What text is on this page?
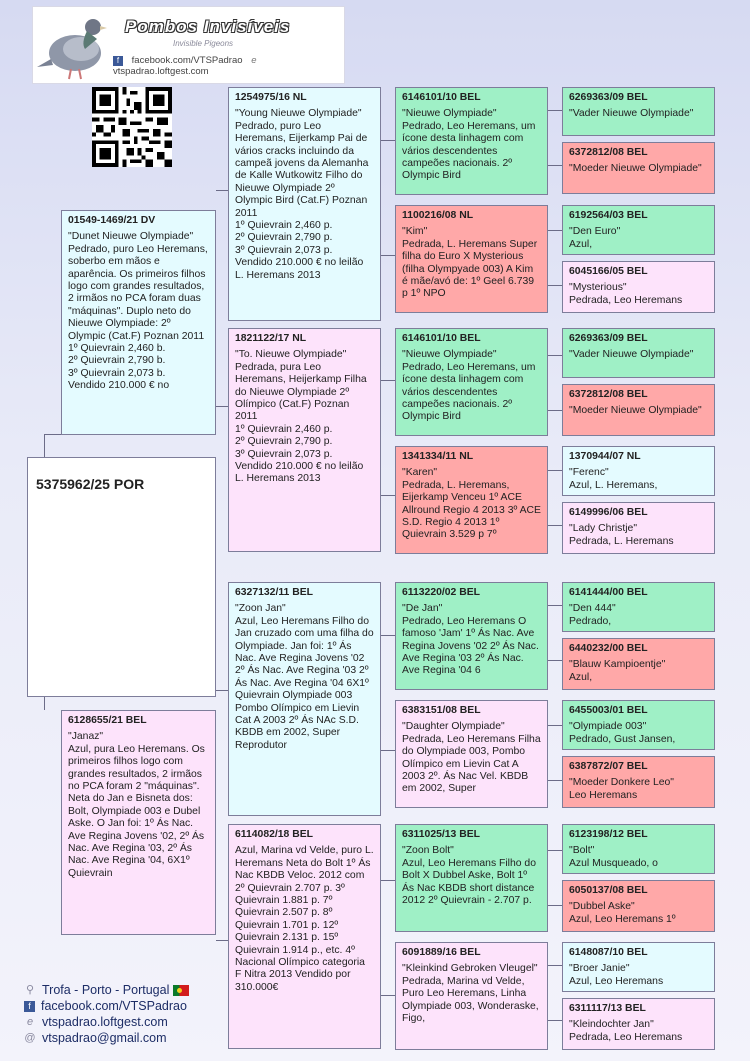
Pombos Invisíveis
Invisible Pigeons
f facebook.com/VTSPadrao e vtspadrao.loftgest.com
5375962/25 POR
01549-1469/21 DV
"Dunet Nieuwe Olympiade"
Pedrado, puro Leo Heremans, soberbo em mãos e aparência. Os primeiros filhos logo com grandes resultados, 2 irmãos no PCA foram duas "máquinas". Duplo neto do Nieuwe Olympiade: 2º Olympic (Cat.F) Poznan 2011
1º Quievrain 2,460 b.
2º Quievrain 2,790 b.
3º Quievrain 2,073 b.
Vendido 210.000 € no
6128655/21 BEL
"Janaz"
Azul, pura Leo Heremans. Os primeiros filhos logo com grandes resultados, 2 irmãos no PCA foram 2 "máquinas". Neta do Jan e Bisneta dos: Bolt, Olympiade 003 e Dubel Aske. O Jan foi: 1º Ás Nac. Ave Regina Jovens '02, 2º Ás Nac. Ave Regina '03, 2º Ás Nac. Ave Regina '04, 6X1º Quievrain
1254975/16 NL
"Young Nieuwe Olympiade"
Pedrado, puro Leo Heremans, Eijerkamp Pai de vários cracks incluindo da campeã jovens da Alemanha de Kalle Wutkowitz Filho do Nieuwe Olympiade 2º Olympic Bird (Cat.F) Poznan 2011
1º Quievrain 2,460 p.
2º Quievrain 2,790 p.
3º Quievrain 2,073 p.
Vendido 210.000 € no leilão L. Heremans 2013
1821122/17 NL
"To. Nieuwe Olympiade"
Pedrada, pura Leo Heremans, Heijerkamp Filha do Nieuwe Olympiade 2º Olímpico (Cat.F) Poznan 2011
1º Quievrain 2,460 p.
2º Quievrain 2,790 p.
3º Quievrain 2,073 p.
Vendido 210.000 € no leilão L. Heremans 2013
6327132/11 BEL
"Zoon Jan"
Azul, Leo Heremans Filho do Jan cruzado com uma filha do Olympiade. Jan foi: 1º Ás Nac. Ave Regina Jovens '02 2º Ás Nac. Ave Regina '03 2º Ás Nac. Ave Regina '04 6X1º Quievrain Olympiade 003 Pombo Olímpico em Lievin Cat A 2003 2º Ás NAc S.D. KBDB em 2002, Super Reprodutor
6114082/18 BEL
Azul, Marina vd Velde, puro L. Heremans Neta do Bolt 1º Ás Nac KBDB Veloc. 2012 com 2º Quievrain 2.707 p. 3º Quievrain 1.881 p. 7º Quievrain 2.507 p. 8º Quievrain 1.701 p. 12º Quievrain 2.131 p. 15º Quievrain 1.914 p., etc. 4º Nacional Olímpico categoria F Nitra 2013 Vendido por 310.000€
6146101/10 BEL
"Nieuwe Olympiade"
Pedrado, Leo Heremans, um ícone desta linhagem com vários descendentes campeões nacionais. 2º Olympic Bird
1100216/08 NL
"Kim"
Pedrada, L. Heremans Super filha do Euro X Mysterious (filha Olympyade 003) A Kim é mãe/avó de: 1º Geel 6.739 p 1º NPO
6146101/10 BEL
"Nieuwe Olympiade"
Pedrado, Leo Heremans, um ícone desta linhagem com vários descendentes campeões nacionais. 2º Olympic Bird
1341334/11 NL
"Karen"
Pedrada, L. Heremans, Eijerkamp Venceu 1º ACE Allround Regio 4 2013 3º ACE S.D. Regio 4 2013 1º Quievrain 3.529 p 7º
6113220/02 BEL
"De Jan"
Pedrado, Leo Heremans O famoso 'Jam' 1º Ás Nac. Ave Regina Jovens '02 2º Ás Nac. Ave Regina '03 2º Ás Nac. Ave Regina '04 6
6383151/08 BEL
"Daughter Olympiade"
Pedrada, Leo Heremans Filha do Olympiade 003, Pombo Olímpico em Lievin Cat A 2003 2º. Ás Nac Vel. KBDB em 2002, Super
6311025/13 BEL
"Zoon Bolt"
Azul, Leo Heremans Filho do Bolt X Dubbel Aske, Bolt 1º Ás Nac KBDB short distance 2012 2º Quievrain - 2.707 p.
6091889/16 BEL
"Kleinkind Gebroken Vleugel"
Pedrada, Marina vd Velde, Puro Leo Heremans, Linha Olympiade 003, Wonderaske, Figo,
6269363/09 BEL
"Vader Nieuwe Olympiade"
6372812/08 BEL
"Moeder Nieuwe Olympiade"
6192564/03 BEL
"Den Euro"
Azul,
6045166/05 BEL
"Mysterious"
Pedrada, Leo Heremans
6269363/09 BEL
"Vader Nieuwe Olympiade"
6372812/08 BEL
"Moeder Nieuwe Olympiade"
1370944/07 NL
"Ferenc"
Azul, L. Heremans,
6149996/06 BEL
"Lady Christje"
Pedrada, L. Heremans
6141444/00 BEL
"Den 444"
Pedrado,
6440232/00 BEL
"Blauw Kampioentje"
Azul,
6455003/01 BEL
"Olympiade 003"
Pedrado, Gust Jansen,
6387872/07 BEL
"Moeder Donkere Leo"
Leo Heremans
6123198/12 BEL
"Bolt"
Azul Musqueado, o
6050137/08 BEL
"Dubbel Aske"
Azul, Leo Heremans 1º
6148087/10 BEL
"Broer Janie"
Azul, Leo Heremans
6311117/13 BEL
"Kleindochter Jan"
Pedrada, Leo Heremans
⚲ Trofa - Porto - Portugal
f facebook.com/VTSPadrao
e vtspadrao.loftgest.com
@ vtspadrao@gmail.com
